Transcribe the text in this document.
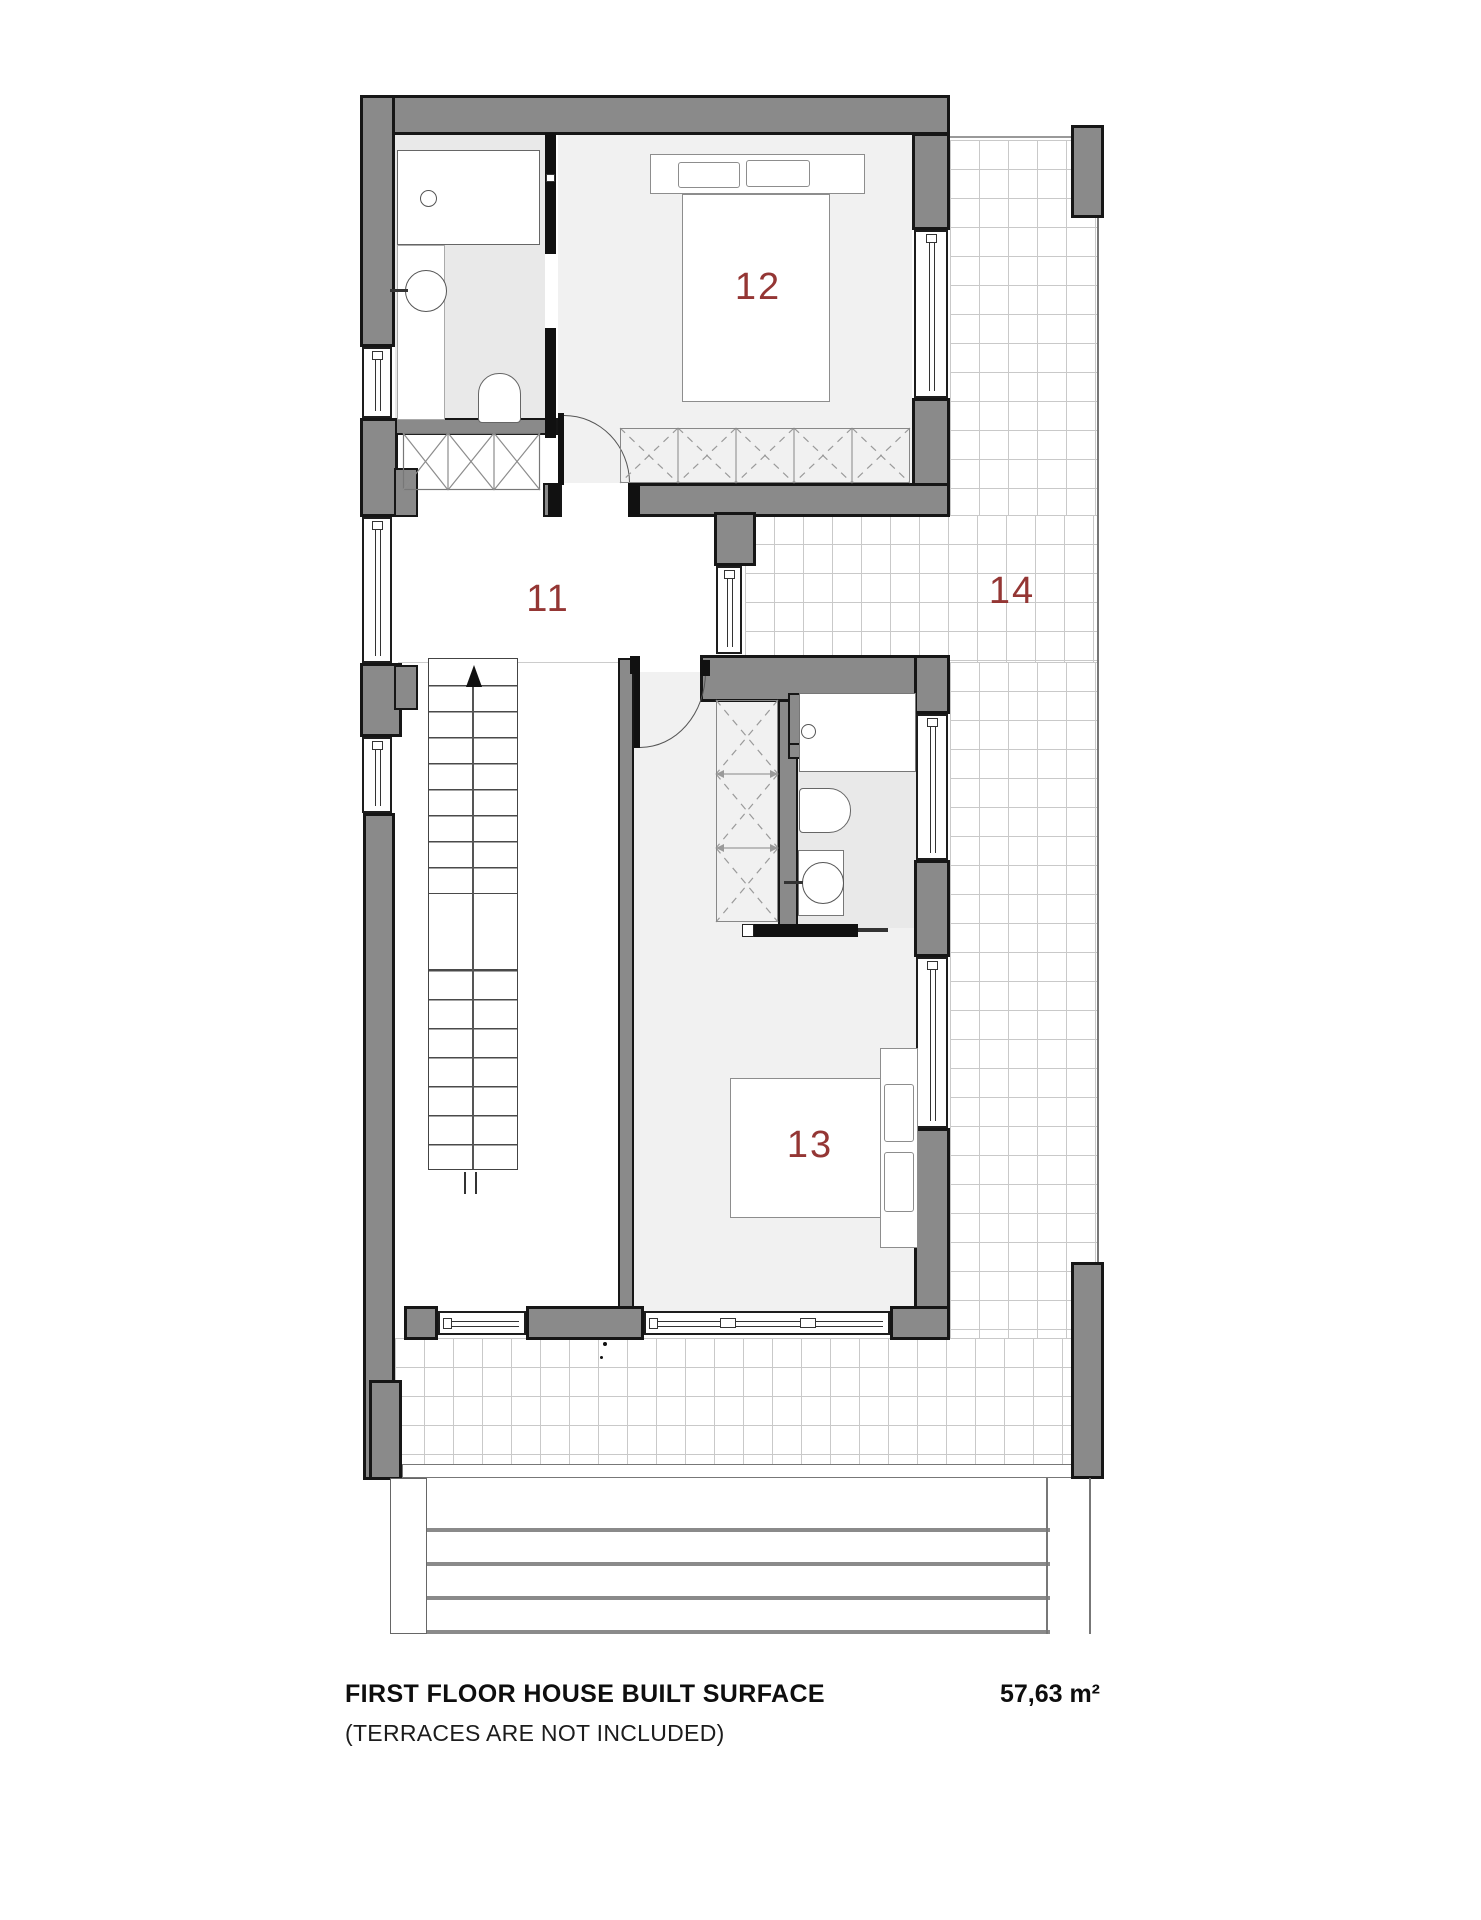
11
12
13
14
FIRST FLOOR HOUSE BUILT SURFACE
(TERRACES ARE NOT INCLUDED)
57,63 m²
